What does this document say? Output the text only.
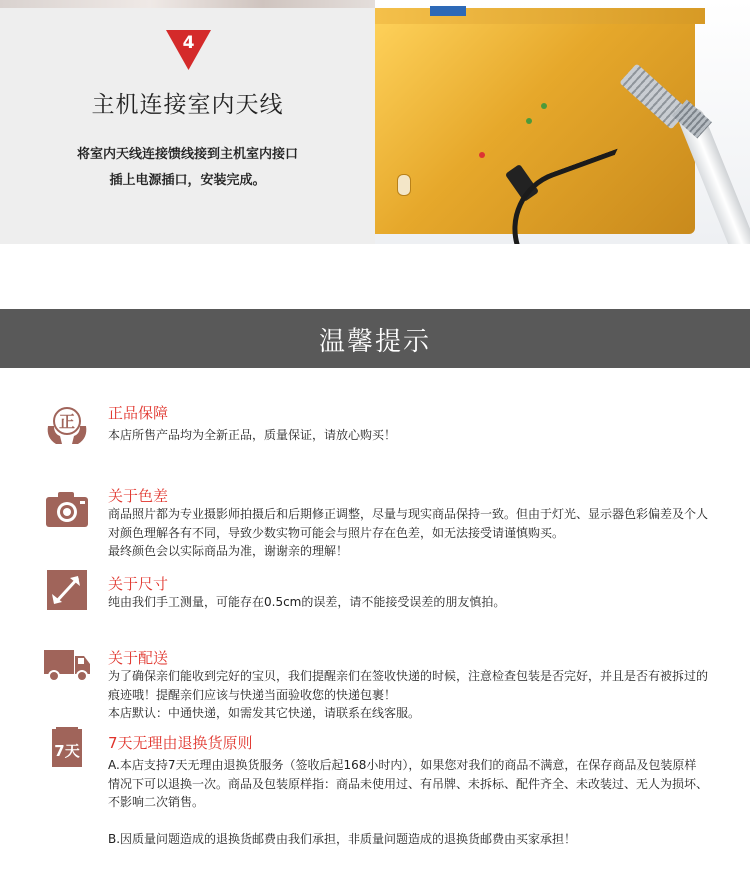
4
主机连接室内天线
将室内天线连接馈线接到主机室内接口
插上电源插口，安装完成。
温馨提示
正 正品保障

本店所售产品均为全新正品，质量保证，请放心购买！

关于色差

商品照片都为专业摄影师拍摄后和后期修正调整，尽量与现实商品保持一致。但由于灯光、显示器色彩偏差及个人

对颜色理解各有不同，导致少数实物可能会与照片存在色差，如无法接受请谨慎购买。

最终颜色会以实际商品为准，谢谢亲的理解！

关于尺寸

纯由我们手工测量，可能存在0.5cm的误差，请不能接受误差的朋友慎拍。

关于配送

为了确保亲们能收到完好的宝贝，我们提醒亲们在签收快递的时候，注意检查包装是否完好，并且是否有被拆过的

痕迹哦！提醒亲们应该与快递当面验收您的快递包裹！

本店默认：中通快递，如需发其它快递，请联系在线客服。

7天 7天无理由退换货原则

A.本店支持7天无理由退换货服务（签收后起168小时内），如果您对我们的商品不满意，在保存商品及包装原样

情况下可以退换一次。商品及包装原样指：商品未使用过、有吊牌、未拆标、配件齐全、未改装过、无人为损坏、

不影响二次销售。

B.因质量问题造成的退换货邮费由我们承担，非质量问题造成的退换货邮费由买家承担！
